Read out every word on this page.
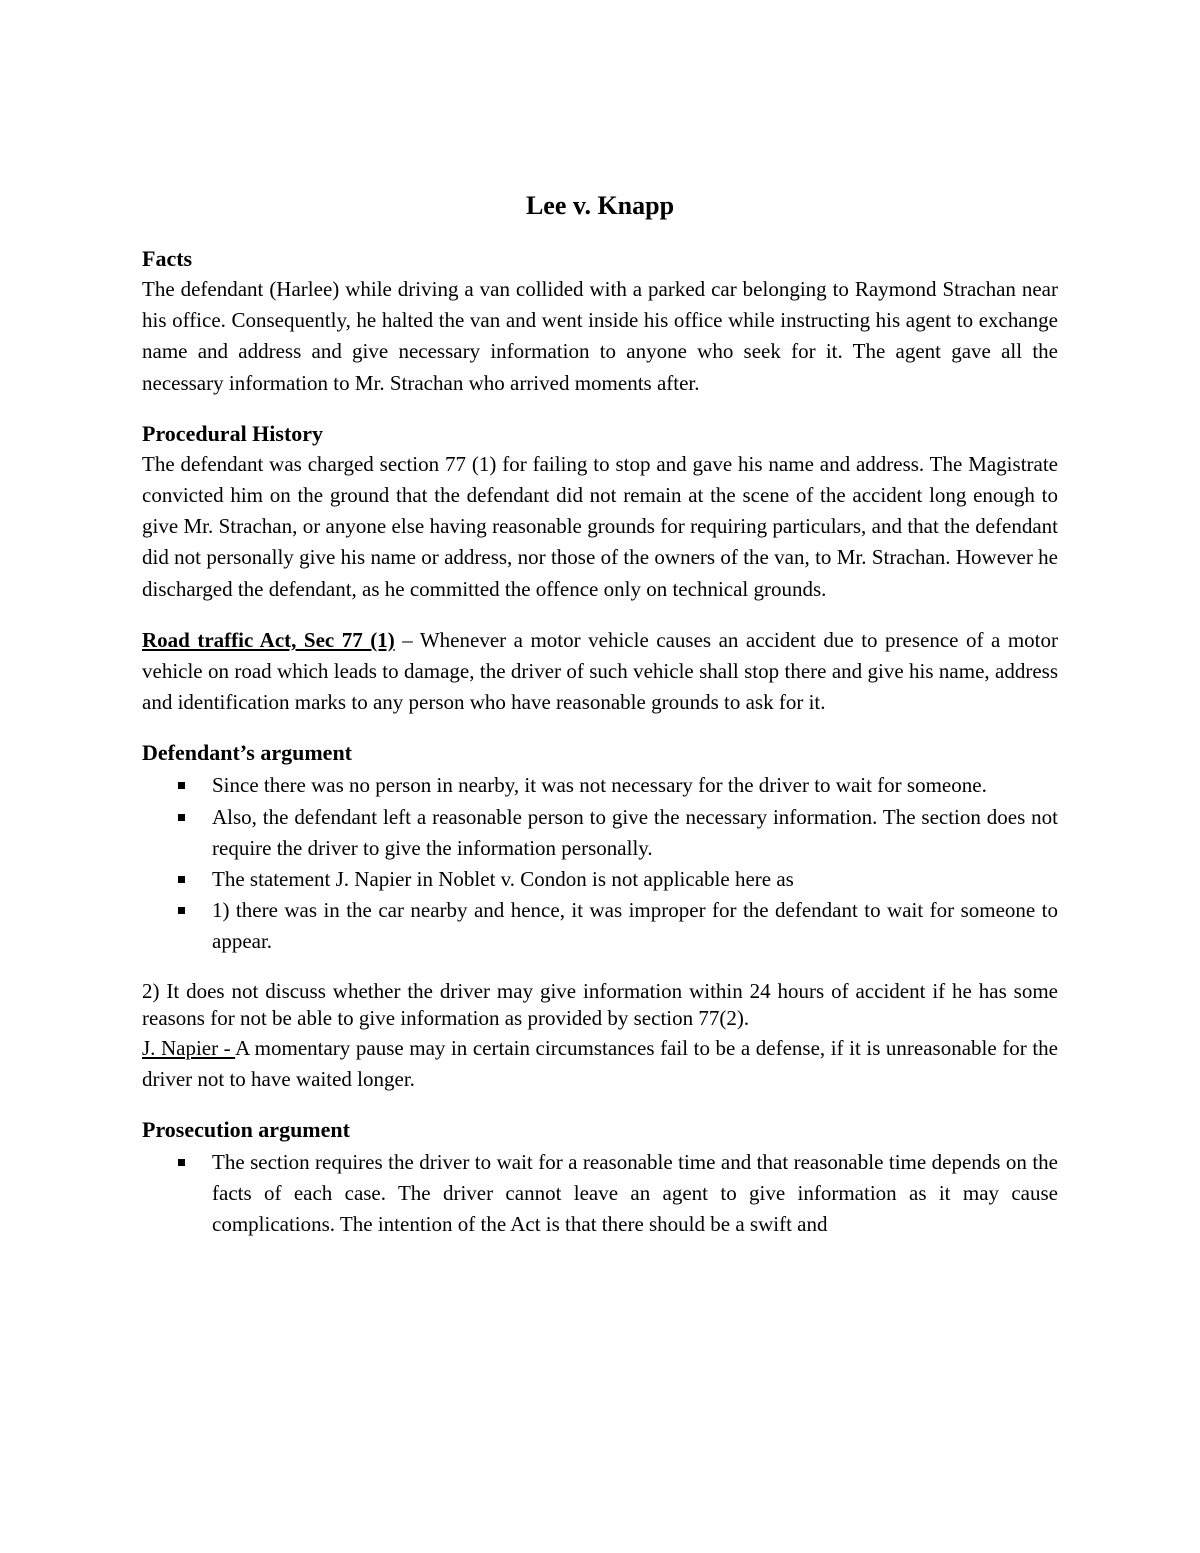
Lee v. Knapp
Facts

The defendant (Harlee) while driving a van collided with a parked car belonging to Raymond Strachan near his office. Consequently, he halted the van and went inside his office while instructing his agent to exchange name and address and give necessary information to anyone who seek for it. The agent gave all the necessary information to Mr. Strachan who arrived moments after.

Procedural History

The defendant was charged section 77 (1) for failing to stop and gave his name and address. The Magistrate convicted him on the ground that the defendant did not remain at the scene of the accident long enough to give Mr. Strachan, or anyone else having reasonable grounds for requiring particulars, and that the defendant did not personally give his name or address, nor those of the owners of the van, to Mr. Strachan. However he discharged the defendant, as he committed the offence only on technical grounds.

Road traffic Act, Sec 77 (1) – Whenever a motor vehicle causes an accident due to presence of a motor vehicle on road which leads to damage, the driver of such vehicle shall stop there and give his name, address and identification marks to any person who have reasonable grounds to ask for it.

Defendant’s argument
Since there was no person in nearby, it was not necessary for the driver to wait for someone.
Also, the defendant left a reasonable person to give the necessary information. The section does not require the driver to give the information personally.
The statement J. Napier in Noblet v. Condon is not applicable here as
1) there was in the car nearby and hence, it was improper for the defendant to wait for someone to appear.

2) It does not discuss whether the driver may give information within 24 hours of accident if he has some reasons for not be able to give information as provided by section 77(2).

J. Napier - A momentary pause may in certain circumstances fail to be a defense, if it is unreasonable for the driver not to have waited longer.

Prosecution argument
The section requires the driver to wait for a reasonable time and that reasonable time depends on the facts of each case. The driver cannot leave an agent to give information as it may cause complications. The intention of the Act is that there should be a swift and
